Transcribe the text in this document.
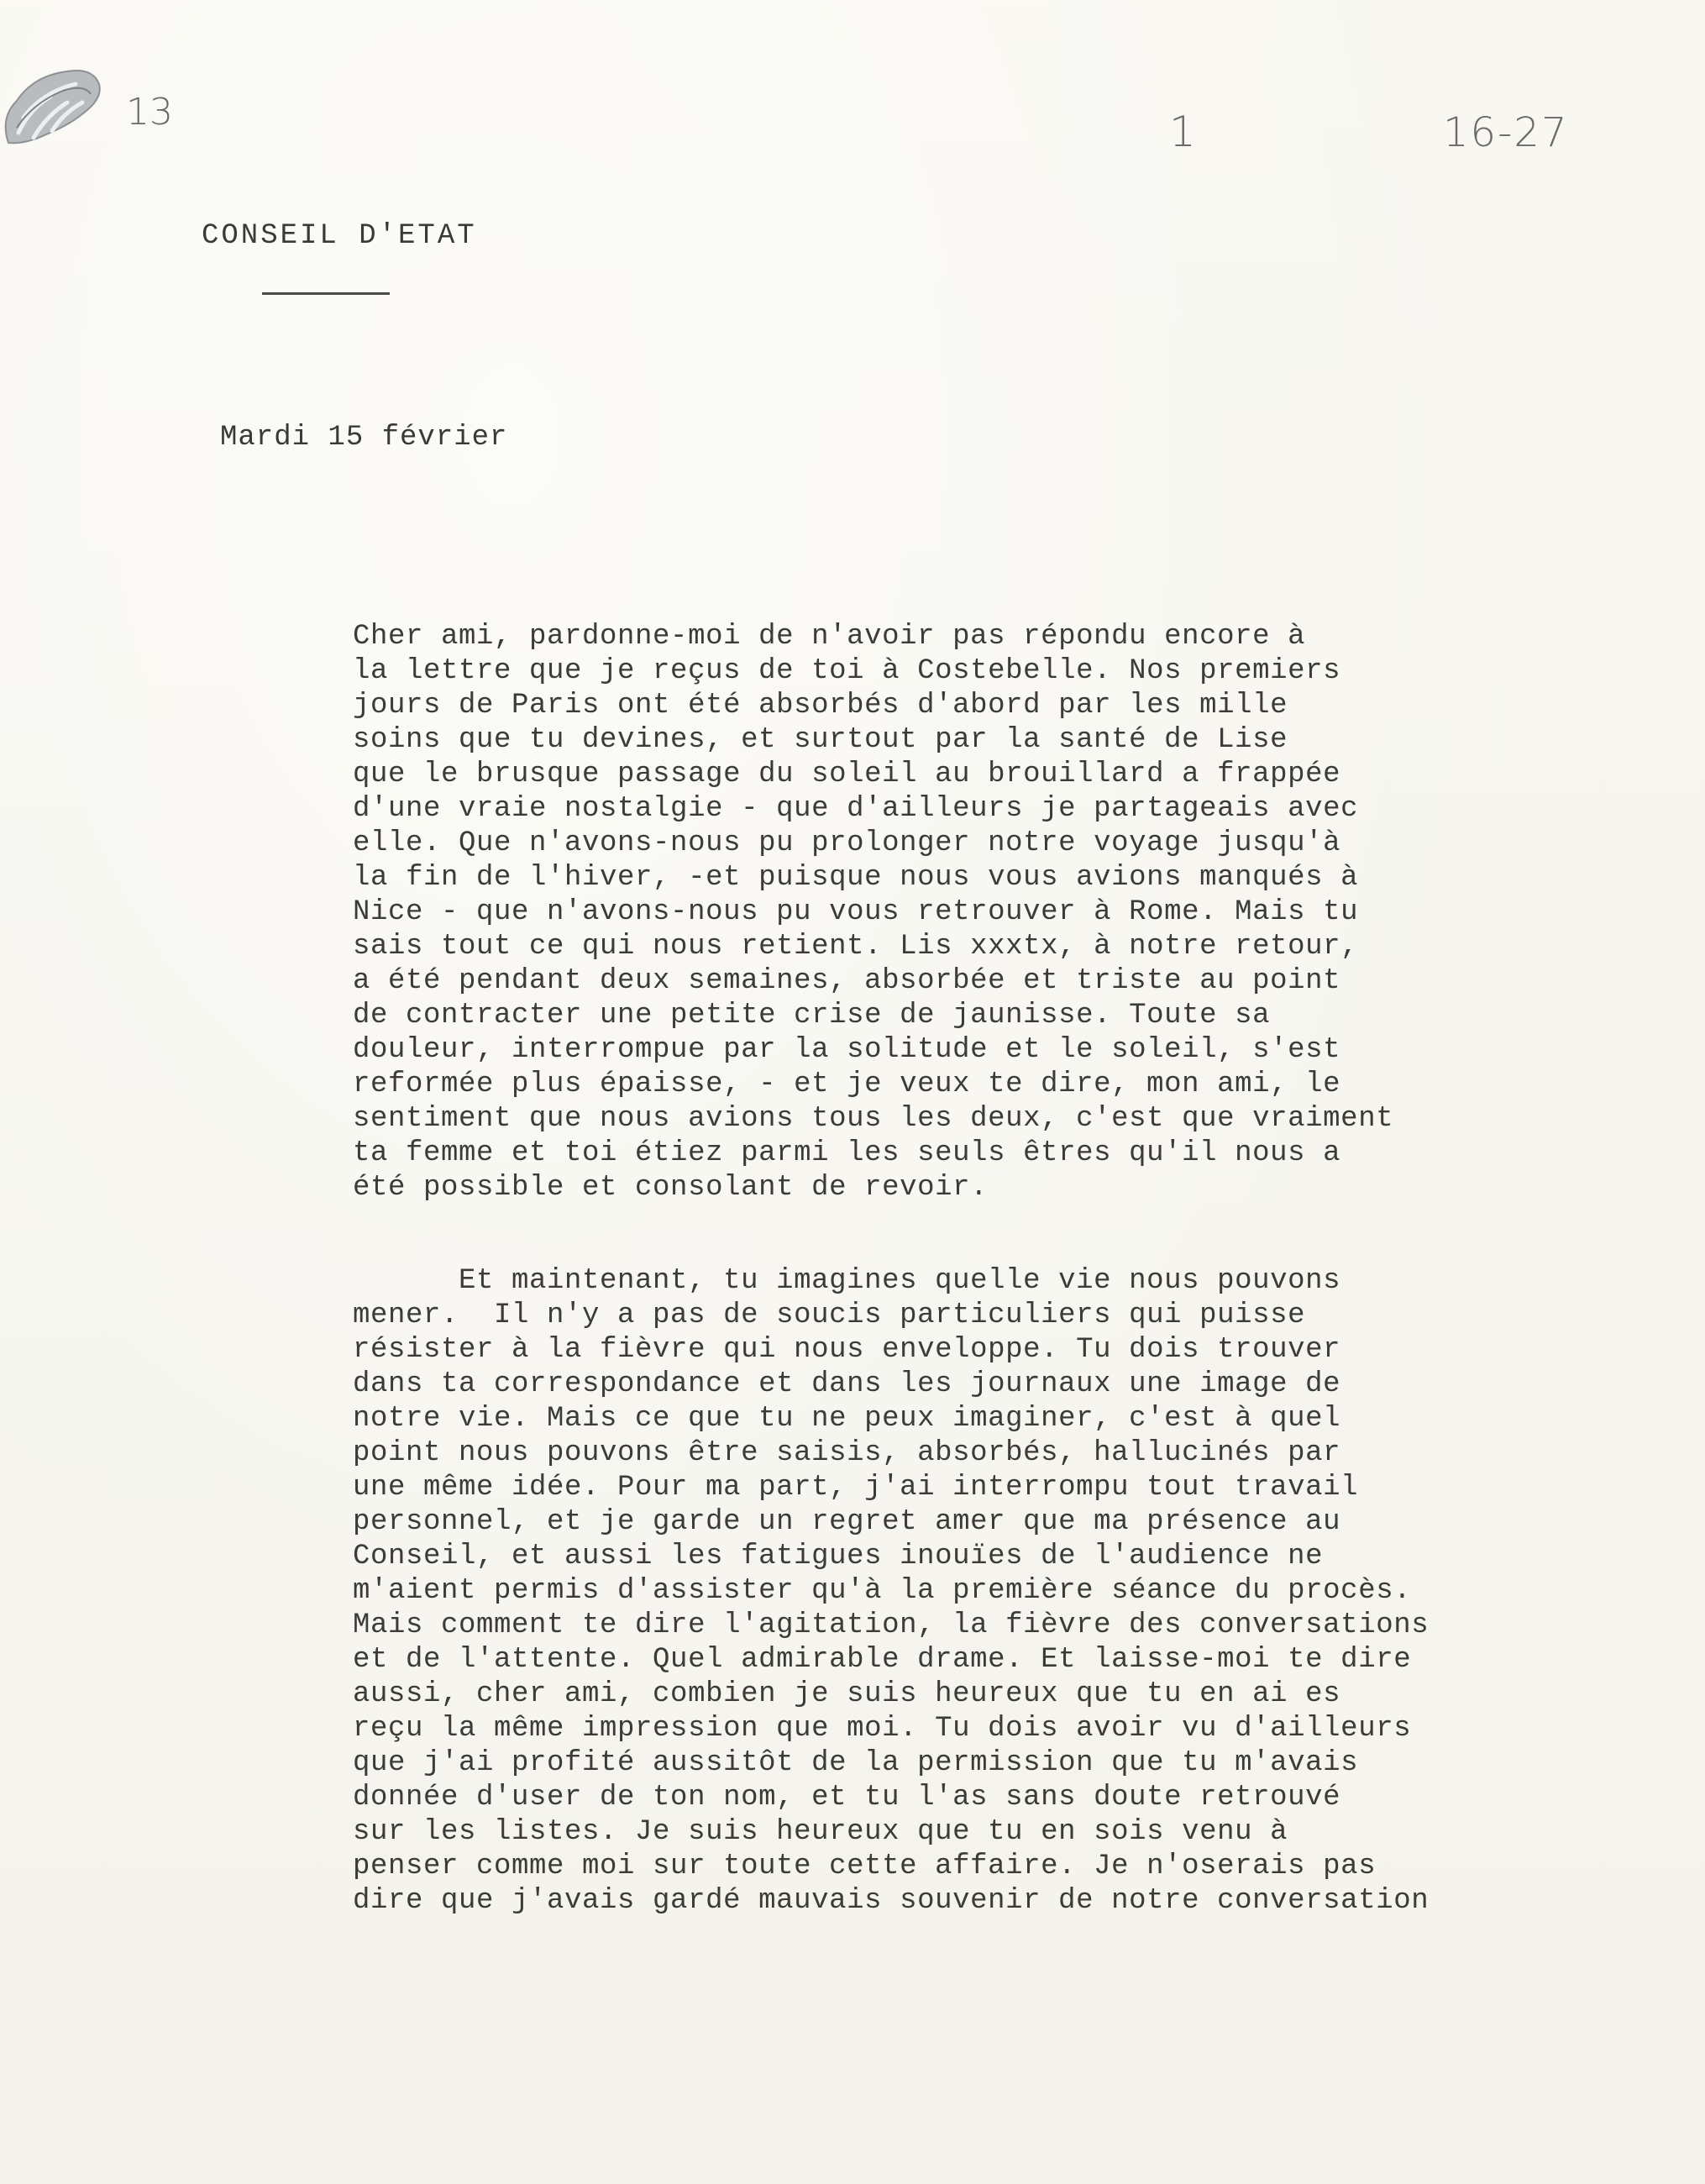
13	1	16-27
CONSEIL D'ETAT
Mardi 15 février
Cher ami, pardonne-moi de n'avoir pas répondu encore à
la lettre que je reçus de toi à Costebelle. Nos premiers
jours de Paris ont été absorbés d'abord par les mille
soins que tu devines, et surtout par la santé de Lise
que le brusque passage du soleil au brouillard a frappée
d'une vraie nostalgie - que d'ailleurs je partageais avec
elle. Que n'avons-nous pu prolonger notre voyage jusqu'à
la fin de l'hiver, -et puisque nous vous avions manqués à
Nice - que n'avons-nous pu vous retrouver à Rome. Mais tu
sais tout ce qui nous retient. Lis xxxtx, à notre retour,
a été pendant deux semaines, absorbée et triste au point
de contracter une petite crise de jaunisse. Toute sa
douleur, interrompue par la solitude et le soleil, s'est
reformée plus épaisse, - et je veux te dire, mon ami, le
sentiment que nous avions tous les deux, c'est que vraiment
ta femme et toi étiez parmi les seuls êtres qu'il nous a
été possible et consolant de revoir.
Et maintenant, tu imagines quelle vie nous pouvons
mener.  Il n'y a pas de soucis particuliers qui puisse
résister à la fièvre qui nous enveloppe. Tu dois trouver
dans ta correspondance et dans les journaux une image de
notre vie. Mais ce que tu ne peux imaginer, c'est à quel
point nous pouvons être saisis, absorbés, hallucinés par
une même idée. Pour ma part, j'ai interrompu tout travail
personnel, et je garde un regret amer que ma présence au
Conseil, et aussi les fatigues inouïes de l'audience ne
m'aient permis d'assister qu'à la première séance du procès.
Mais comment te dire l'agitation, la fièvre des conversations
et de l'attente. Quel admirable drame. Et laisse-moi te dire
aussi, cher ami, combien je suis heureux que tu en ai es
reçu la même impression que moi. Tu dois avoir vu d'ailleurs
que j'ai profité aussitôt de la permission que tu m'avais
donnée d'user de ton nom, et tu l'as sans doute retrouvé
sur les listes. Je suis heureux que tu en sois venu à
penser comme moi sur toute cette affaire. Je n'oserais pas
dire que j'avais gardé mauvais souvenir de notre conversation
